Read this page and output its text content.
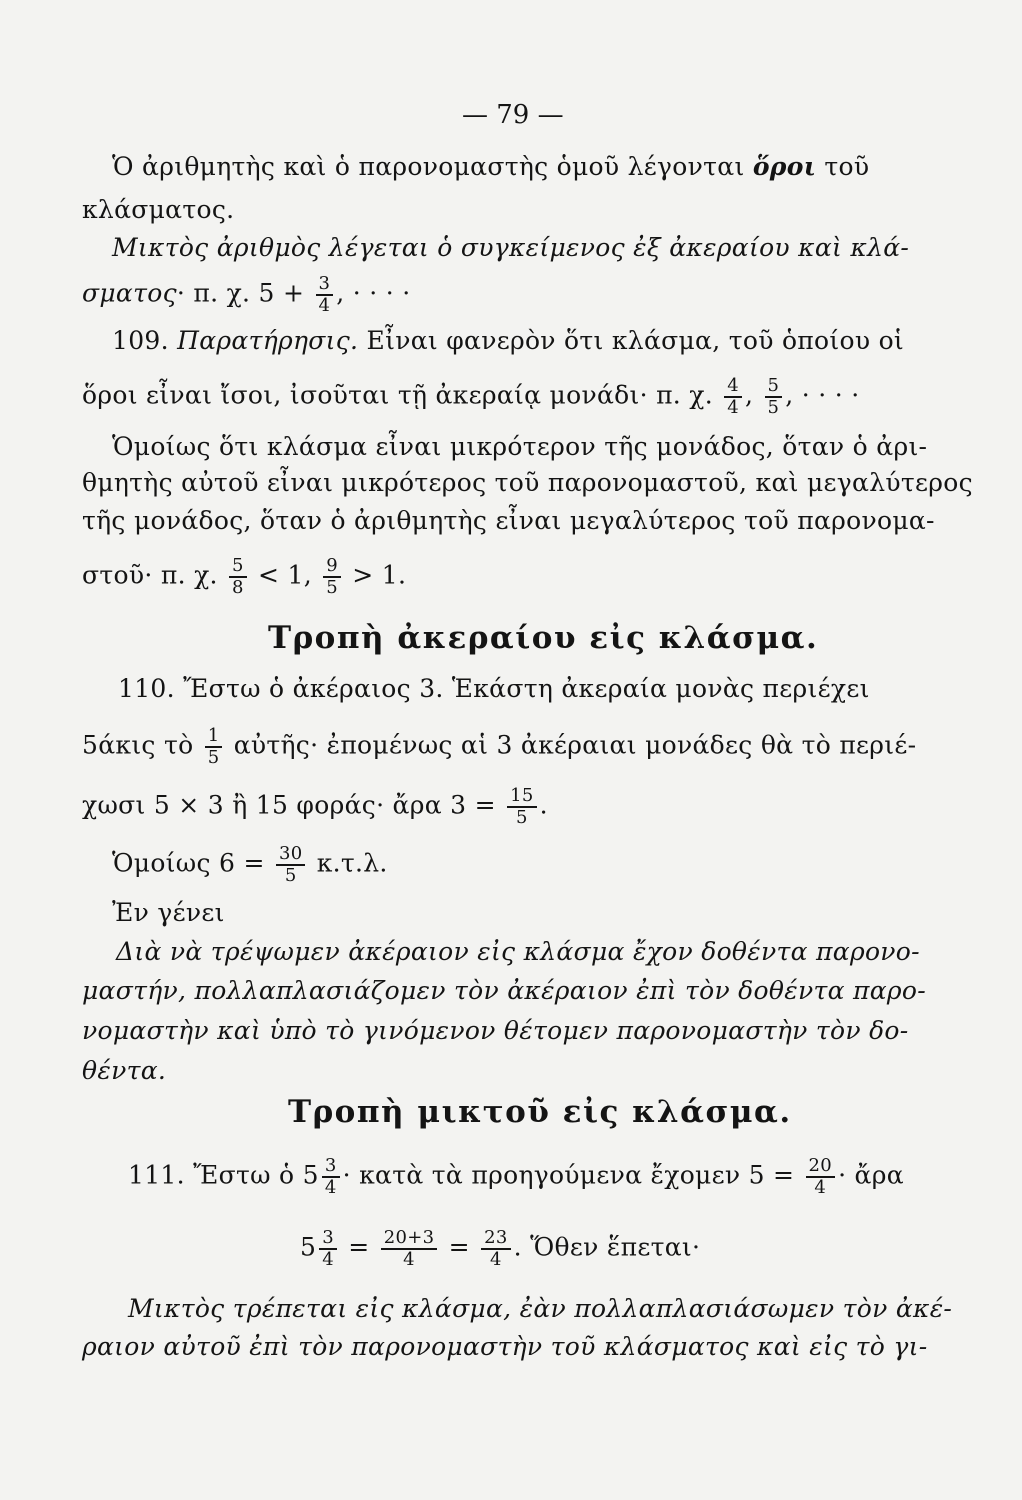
— 79 —
Ὁ ἀριθμητὴς καὶ ὁ παρονομαστὴς ὁμοῦ λέγονται ὅροι τοῦ
κλάσματος.
Μικτὸς ἀριθμὸς λέγεται ὁ συγκείμενος ἐξ ἀκεραίου καὶ κλά-
σματος· π. χ. $5 + \frac{3}{4}$ , · · · ·
109. Παρατήρησις. Εἶναι φανερὸν ὅτι κλάσμα, τοῦ ὁποίου οἱ
ὅροι εἶναι ἴσοι, ἰσοῦται τῇ ἀκεραίᾳ μονάδι· π. χ. $\frac{4}{4}$ , $\frac{5}{5}$ , · · · ·
Ὁμοίως ὅτι κλάσμα εἶναι μικρότερον τῆς μονάδος, ὅταν ὁ ἀρι-
θμητὴς αὐτοῦ εἶναι μικρότερος τοῦ παρονομαστοῦ, καὶ μεγαλύτερος
τῆς μονάδος, ὅταν ὁ ἀριθμητὴς εἶναι μεγαλύτερος τοῦ παρονομα-
στοῦ· π. χ. $\frac{5}{8} < 1$, $\frac{9}{5} > 1$.
Τροπὴ ἀκεραίου εἰς κλάσμα.
110. Ἔστω ὁ ἀκέραιος 3. Ἑκάστη ἀκεραία μονὰς περιέχει
5άκις τὸ $\frac{1}{5}$ αὐτῆς· ἐπομένως αἱ 3 ἀκέραιαι μονάδες θὰ τὸ περιέ-
χωσι 5 × 3 ἢ 15 φοράς· ἄρα $3 = \frac{15}{5}$ .
Ὁμοίως $6 = \frac{30}{5} \kappa.\tau.\lambda$.
Ἐν γένει
Διὰ νὰ τρέψωμεν ἀκέραιον εἰς κλάσμα ἔχον δοθέντα παρονο-
μαστήν, πολλαπλασιάζομεν τὸν ἀκέραιον ἐπὶ τὸν δοθέντα παρο-
νομαστὴν καὶ ὑπὸ τὸ γινόμενον θέτομεν παρονομαστὴν τὸν δο-
θέντα.
Τροπὴ μικτοῦ εἰς κλάσμα.
111. Ἔστω ὁ $5 \frac{3}{4}$ · κατὰ τὰ προηγούμενα ἔχομεν $5 = \frac{20}{4}$ · ἄρα
$5 \frac{3}{4} = \frac{20+3}{4} = \frac{23}{4}$ . Ὅθεν ἕπεται·
Μικτὸς τρέπεται εἰς κλάσμα, ἐὰν πολλαπλασιάσωμεν τὸν ἀκέ-
ραιον αὐτοῦ ἐπὶ τὸν παρονομαστὴν τοῦ κλάσματος καὶ εἰς τὸ γι-
